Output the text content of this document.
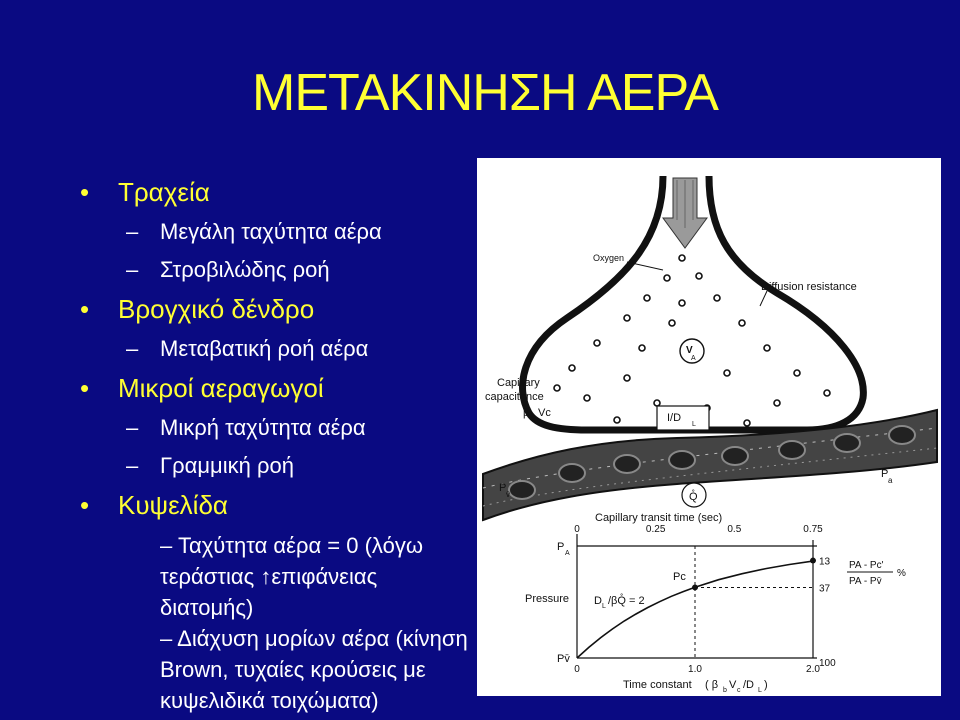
ΜΕΤΑΚΙΝΗΣΗ ΑΕΡΑ
• Τραχεία
– Μεγάλη ταχύτητα αέρα
– Στροβιλώδης ροή
• Βρογχικό δένδρο
– Μεταβατική ροή αέρα
• Μικροί αεραγωγοί
– Μικρή ταχύτητα αέρα
– Γραμμική ροή
• Κυψελίδα
– Ταχύτητα αέρα = 0 (λόγω
τεράστιας ↑επιφάνειας
διατομής)
– Διάχυση μορίων αέρα (κίνηση
Brown, τυχαίες κρούσεις με
κυψελιδικά τοιχώματα)
Oxygen
V
A
Diffusion resistance
Capillary
capacitance
β
b
Vc	I/D
L
P
v̄
P
a
Q̊
Capillary transit time (sec)
0	0.25	0.5	0.75
P
A
Pressure
Pv̄
Pc
D L /βQ̊ = 2
13
37
100
PA - Pc'
PA - Pv̄
%
0	1.0	2.0
Time constant ( β b V c /D L )
